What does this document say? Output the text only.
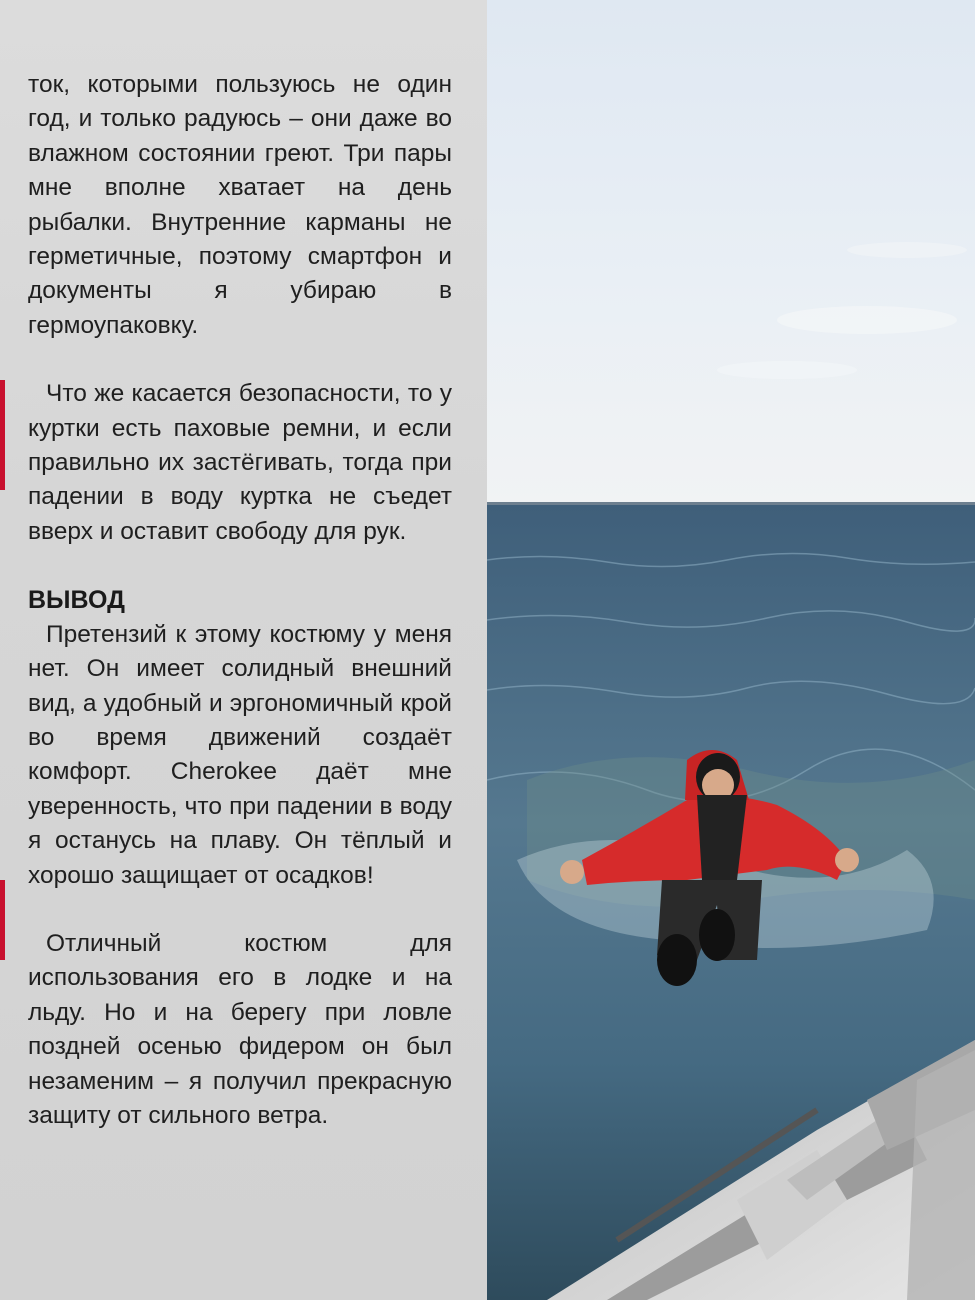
ток, которыми пользуюсь не один год, и только радуюсь – они даже во влажном состоянии греют. Три пары мне вполне хватает на день рыбалки. Внутренние карманы не герметичные, поэтому смартфон и документы я убираю в гермоупаковку.

Что же касается безопасности, то у куртки есть паховые ремни, и если правильно их застёгивать, тогда при падении в воду куртка не съедет вверх и оставит свободу для рук.

ВЫВОД

Претензий к этому костюму у меня нет. Он имеет солидный внешний вид, а удобный и эргономичный крой во время движений создаёт комфорт. Cherokee даёт мне уверенность, что при падении в воду я останусь на плаву. Он тёплый и хорошо защищает от осадков!

Отличный костюм для использования его в лодке и на льду. Но и на берегу при ловле поздней осенью фидером он был незаменим – я получил прекрасную защиту от сильного ветра.
